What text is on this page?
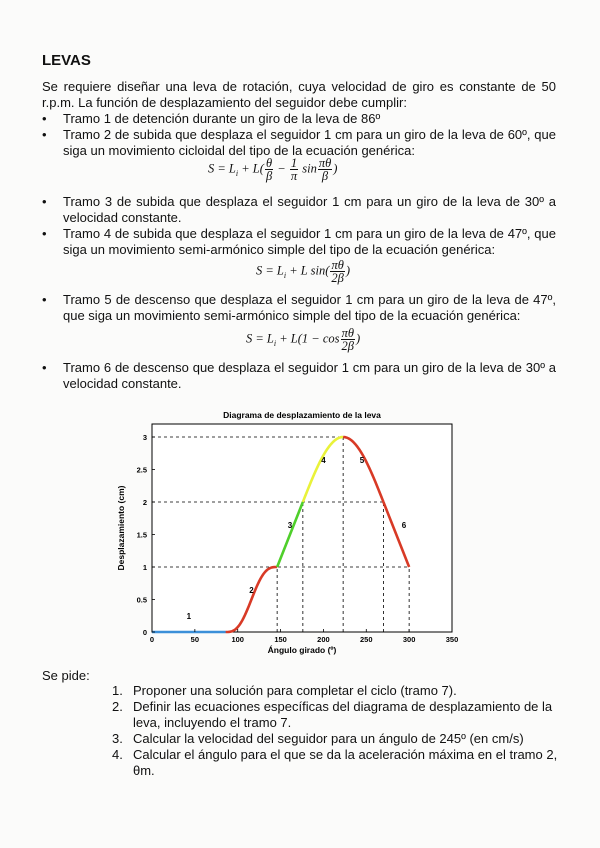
LEVAS
Se requiere diseñar una leva de rotación, cuya velocidad de giro es constante de 50 r.p.m. La función de desplazamiento del seguidor debe cumplir:
• Tramo 1 de detención durante un giro de la leva de 86º
• Tramo 2 de subida que desplaza el seguidor 1 cm para un giro de la leva de 60º, que siga un movimiento cicloidal del tipo de la ecuación genérica:
$S = L_i + L( \frac{\theta}{\beta} - \frac{1}{\pi}$ $\sin \frac{\pi\theta}{\beta}$ )
• Tramo 3 de subida que desplaza el seguidor 1 cm para un giro de la leva de 30º a velocidad constante.
• Tramo 4 de subida que desplaza el seguidor 1 cm para un giro de la leva de 47º, que siga un movimiento semi-armónico simple del tipo de la ecuación genérica:
$S = L_i + L$ $\sin( \frac{\pi\theta}{2\beta}$ )
• Tramo 5 de descenso que desplaza el seguidor 1 cm para un giro de la leva de 47º, que siga un movimiento semi-armónico simple del tipo de la ecuación genérica:
$S = L_i + L(1 - \cos \frac{\pi\theta}{2\beta}$ )
• Tramo 6 de descenso que desplaza el seguidor 1 cm para un giro de la leva de 30º a velocidad constante.
Diagrama de desplazamiento de la leva
1
2
3
4	5
6
0	50	100	150	200	250	300	350
0
0.5
1
1.5
2
2.5
3
Ángulo girado (º)
Desplazamiento (cm)
Se pide:
1. Proponer una solución para completar el ciclo (tramo 7).
2. Definir las ecuaciones específicas del diagrama de desplazamiento de la leva, incluyendo el tramo 7.
3. Calcular la velocidad del seguidor para un ángulo de 245º (en cm/s)
4. Calcular el ángulo para el que se da la aceleración máxima en el tramo 2, θm.
